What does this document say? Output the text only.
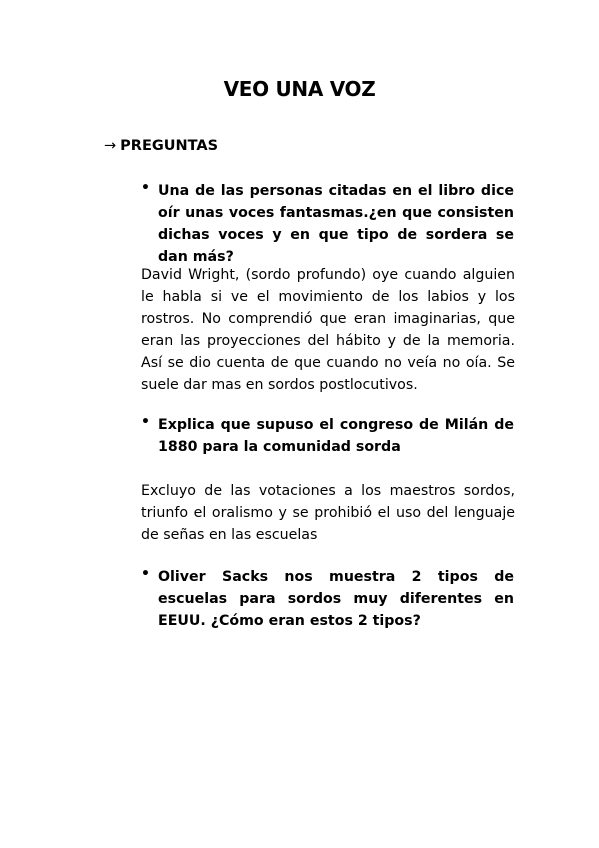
VEO UNA VOZ
→ PREGUNTAS
• Una de las personas citadas en el libro dice oír unas voces fantasmas.¿en que consisten dichas voces y en que tipo de sordera se dan más?
David Wright, (sordo profundo) oye cuando alguien le habla si ve el movimiento de los labios y los rostros. No comprendió que eran imaginarias, que eran las proyecciones del hábito y de la memoria. Así se dio cuenta de que cuando no veía no oía. Se suele dar mas en sordos postlocutivos.
• Explica que supuso el congreso de Milán de 1880 para la comunidad sorda
Excluyo de las votaciones a los maestros sordos, triunfo el oralismo y se prohibió el uso del lenguaje de señas en las escuelas
• Oliver Sacks nos muestra 2 tipos de escuelas para sordos muy diferentes en EEUU. ¿Cómo eran estos 2 tipos?
